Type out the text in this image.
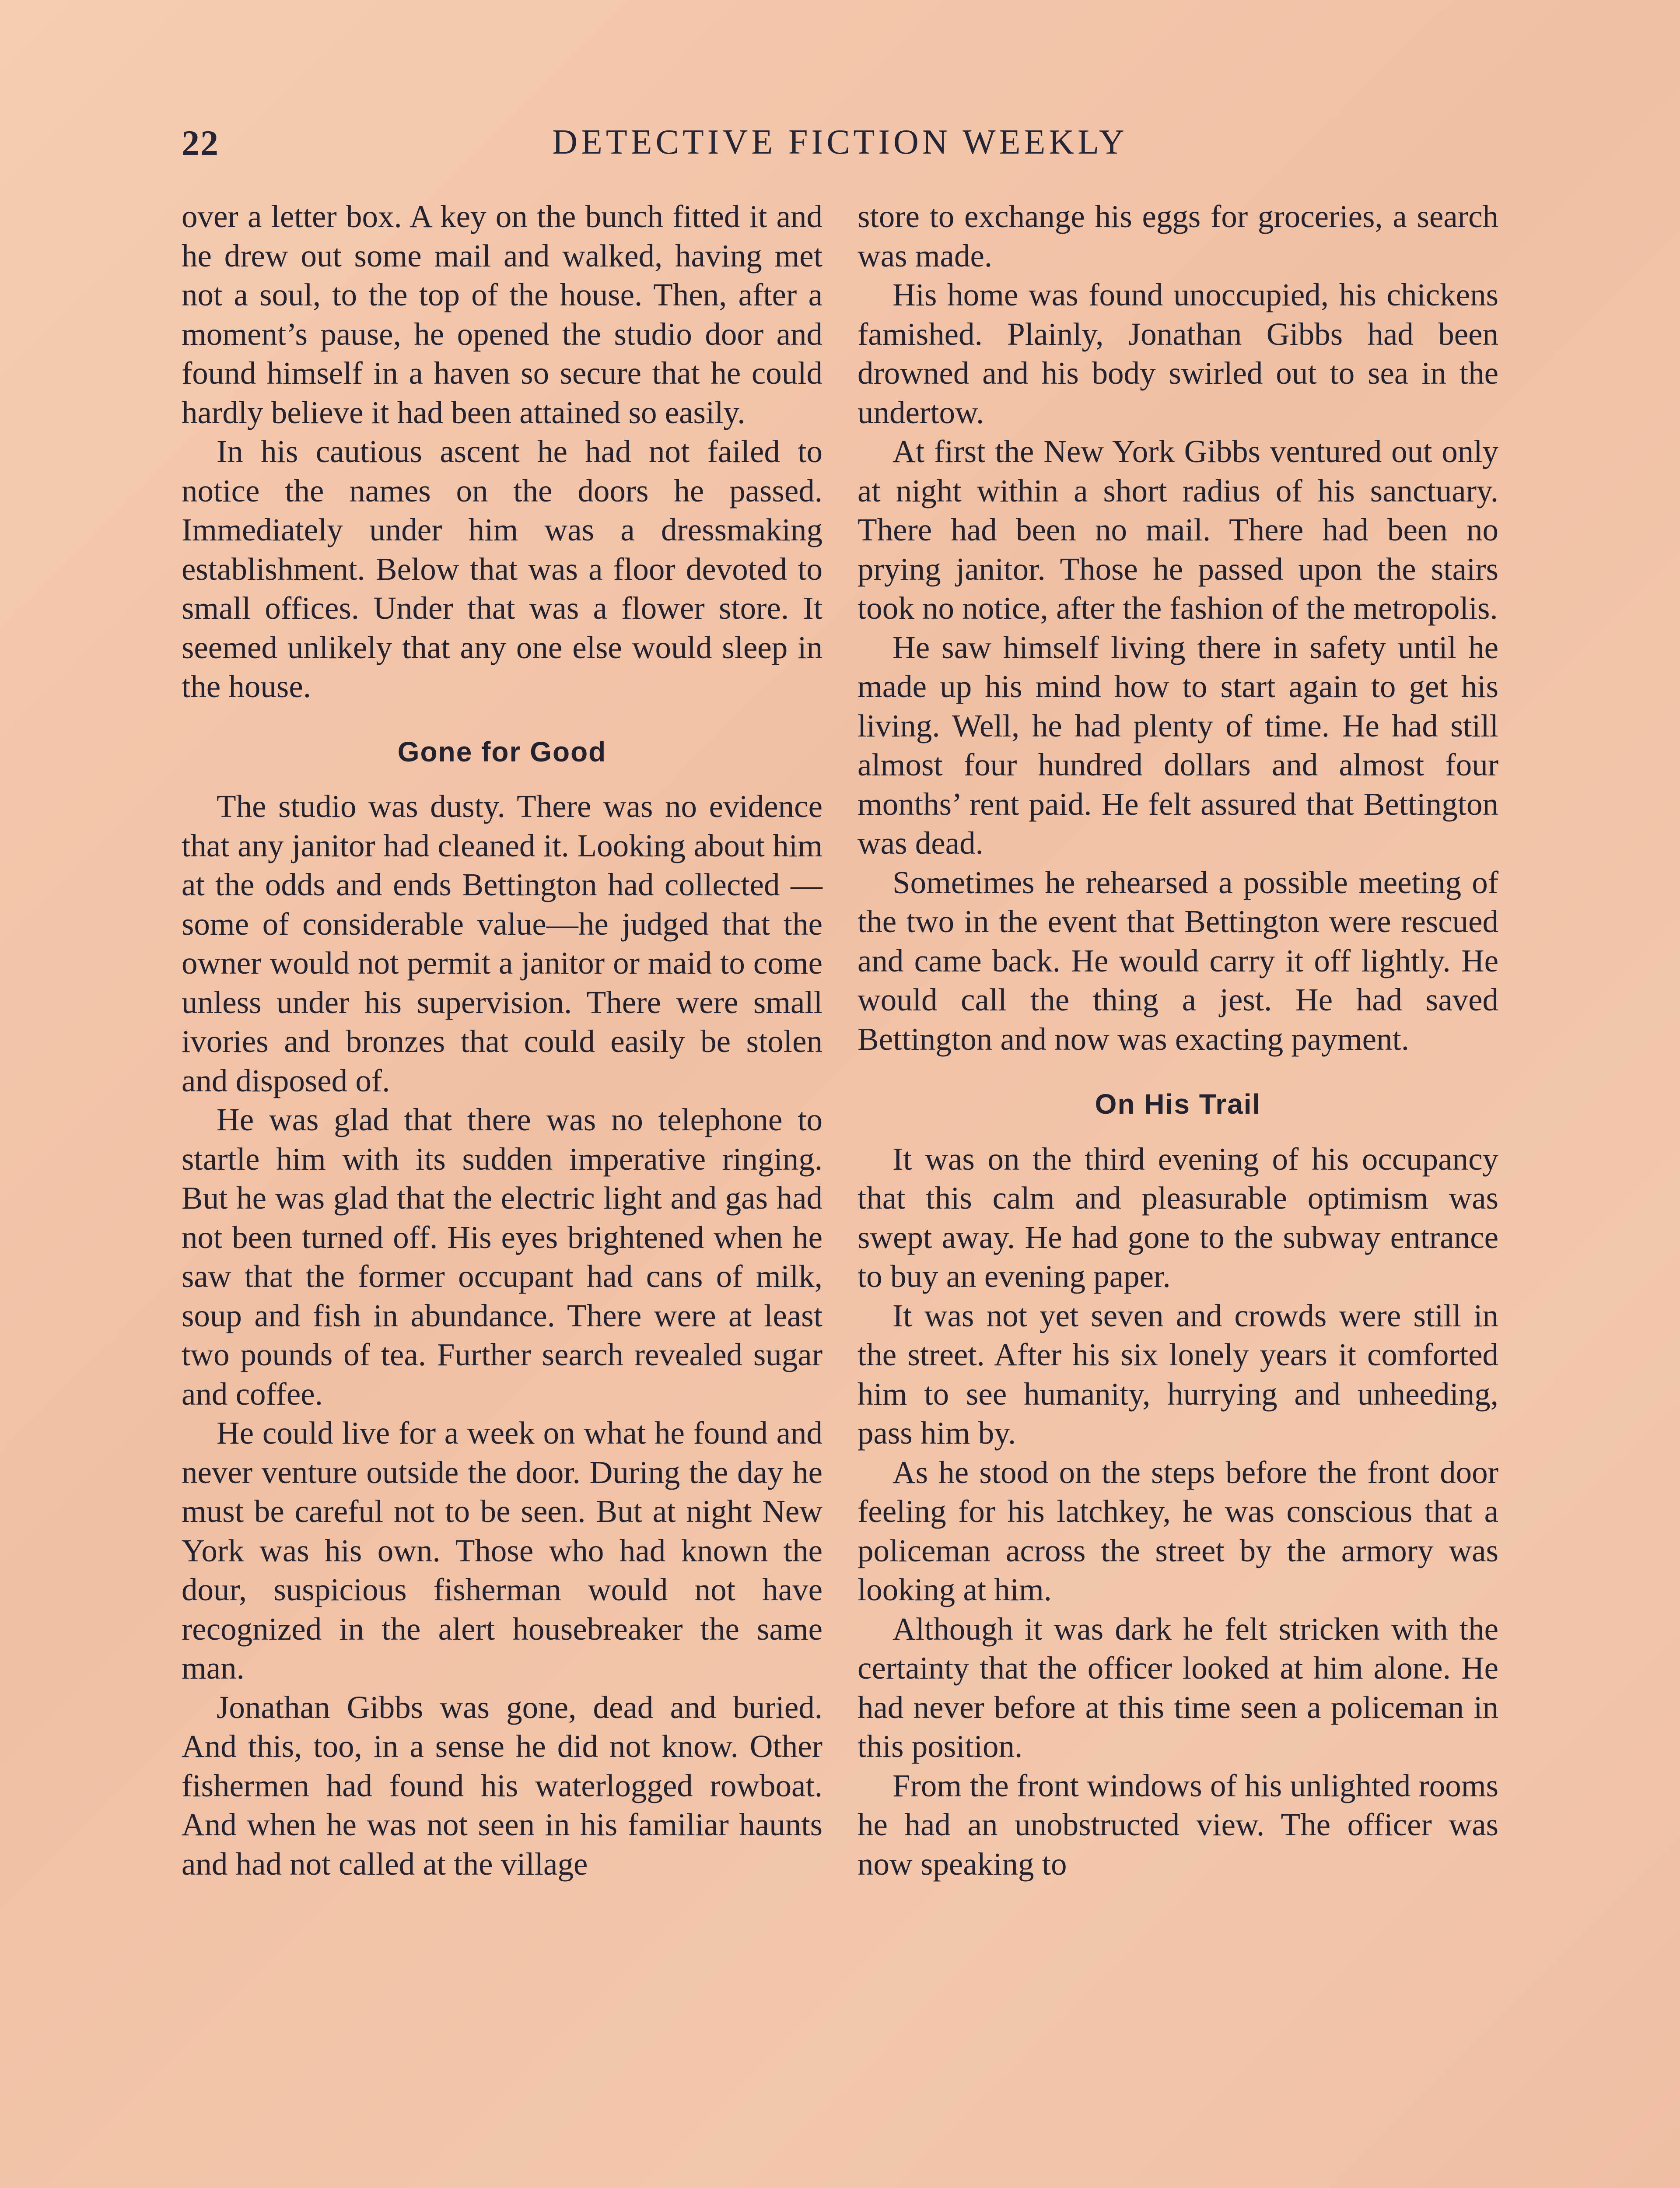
22	DETECTIVE FICTION WEEKLY

over a letter box. A key on the bunch fitted it and he drew out some mail and walked, having met not a soul, to the top of the house. Then, after a moment’s pause, he opened the studio door and found himself in a haven so secure that he could hardly believe it had been attained so easily.

In his cautious ascent he had not failed to notice the names on the doors he passed. Immediately under him was a dressmaking establishment. Below that was a floor devoted to small offices. Under that was a flower store. It seemed unlikely that any one else would sleep in the house.

Gone for Good

The studio was dusty. There was no evidence that any janitor had cleaned it. Looking about him at the odds and ends Bettington had collected —some of considerable value—he judged that the owner would not permit a janitor or maid to come unless under his supervision. There were small ivories and bronzes that could easily be stolen and disposed of.

He was glad that there was no telephone to startle him with its sudden imperative ringing. But he was glad that the electric light and gas had not been turned off. His eyes brightened when he saw that the former occupant had cans of milk, soup and fish in abundance. There were at least two pounds of tea. Further search revealed sugar and coffee.

He could live for a week on what he found and never venture outside the door. During the day he must be careful not to be seen. But at night New York was his own. Those who had known the dour, suspicious fisherman would not have recognized in the alert housebreaker the same man.

Jonathan Gibbs was gone, dead and buried. And this, too, in a sense he did not know. Other fishermen had found his waterlogged rowboat. And when he was not seen in his familiar haunts and had not called at the village

store to exchange his eggs for groceries, a search was made.

His home was found unoccupied, his chickens famished. Plainly, Jonathan Gibbs had been drowned and his body swirled out to sea in the undertow.

At first the New York Gibbs ventured out only at night within a short radius of his sanctuary. There had been no mail. There had been no prying janitor. Those he passed upon the stairs took no notice, after the fashion of the metropolis.

He saw himself living there in safety until he made up his mind how to start again to get his living. Well, he had plenty of time. He had still almost four hundred dollars and almost four months’ rent paid. He felt assured that Bettington was dead.

Sometimes he rehearsed a possible meeting of the two in the event that Bettington were rescued and came back. He would carry it off lightly. He would call the thing a jest. He had saved Bettington and now was exacting payment.

On His Trail

It was on the third evening of his occupancy that this calm and pleasurable optimism was swept away. He had gone to the subway entrance to buy an evening paper.

It was not yet seven and crowds were still in the street. After his six lonely years it comforted him to see humanity, hurrying and unheeding, pass him by.

As he stood on the steps before the front door feeling for his latchkey, he was conscious that a policeman across the street by the armory was looking at him.

Although it was dark he felt stricken with the certainty that the officer looked at him alone. He had never before at this time seen a policeman in this position.

From the front windows of his unlighted rooms he had an unobstructed view. The officer was now speaking to
